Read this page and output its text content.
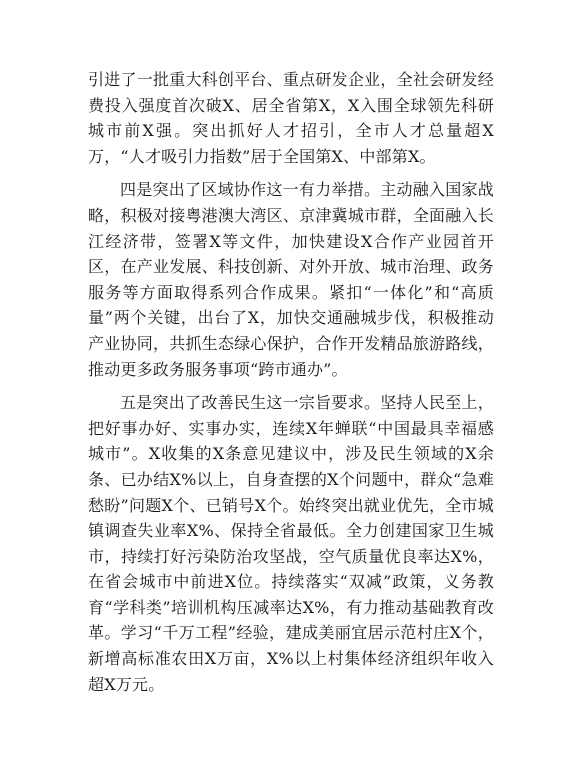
引进了一批重大科创平台、重点研发企业，全社会研发经费投入强度首次破X、居全省第X，X入围全球领先科研城市前X强。突出抓好人才招引，全市人才总量超X万，“人才吸引力指数”居于全国第X、中部第X。

四是突出了区域协作这一有力举措。主动融入国家战略，积极对接粤港澳大湾区、京津冀城市群，全面融入长江经济带，签署X等文件，加快建设X合作产业园首开区，在产业发展、科技创新、对外开放、城市治理、政务服务等方面取得系列合作成果。紧扣“一体化”和“高质量”两个关键，出台了X，加快交通融城步伐，积极推动产业协同，共抓生态绿心保护，合作开发精品旅游路线，推动更多政务服务事项“跨市通办”。

五是突出了改善民生这一宗旨要求。坚持人民至上，把好事办好、实事办实，连续X年蝉联“中国最具幸福感城市”。X收集的X条意见建议中，涉及民生领域的X余条、已办结X%以上，自身查摆的X个问题中，群众“急难愁盼”问题X个、已销号X个。始终突出就业优先，全市城镇调查失业率X%、保持全省最低。全力创建国家卫生城市，持续打好污染防治攻坚战，空气质量优良率达X%，在省会城市中前进X位。持续落实“双减”政策，义务教育“学科类”培训机构压减率达X%，有力推动基础教育改革。学习“千万工程”经验，建成美丽宜居示范村庄X个，新增高标准农田X万亩，X%以上村集体经济组织年收入超X万元。
